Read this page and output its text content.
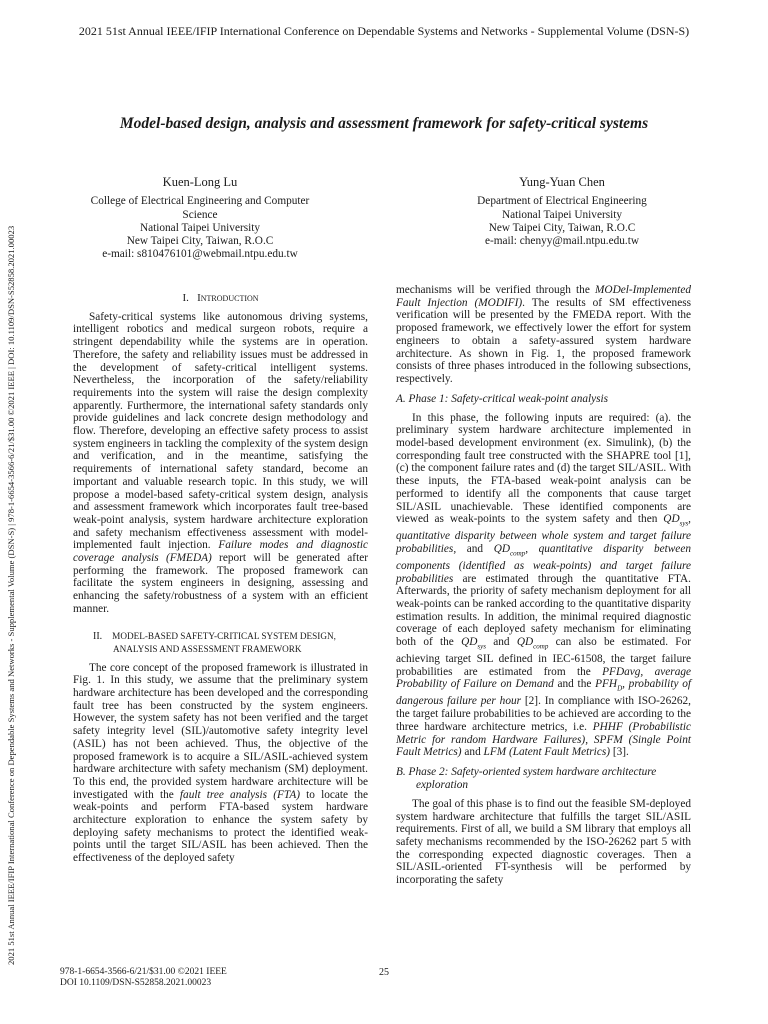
2021 51st Annual IEEE/IFIP International Conference on Dependable Systems and Networks - Supplemental Volume (DSN-S)
2021 51st Annual IEEE/IFIP International Conference on Dependable Systems and Networks - Supplemental Volume (DSN-S) | 978-1-6654-3566-6/21/$31.00 ©2021 IEEE | DOI: 10.1109/DSN-S52858.2021.00023
Model-based design, analysis and assessment framework for safety-critical systems
Kuen-Long Lu
College of Electrical Engineering and Computer
Science
National Taipei University
New Taipei City, Taiwan, R.O.C
e-mail: s810476101@webmail.ntpu.edu.tw
Yung-Yuan Chen
Department of Electrical Engineering
National Taipei University
New Taipei City, Taiwan, R.O.C
e-mail: chenyy@mail.ntpu.edu.tw
I. Introduction

Safety-critical systems like autonomous driving systems, intelligent robotics and medical surgeon robots, require a stringent dependability while the systems are in operation. Therefore, the safety and reliability issues must be addressed in the development of safety-critical intelligent systems. Nevertheless, the incorporation of the safety/reliability requirements into the system will raise the design complexity apparently. Furthermore, the international safety standards only provide guidelines and lack concrete design methodology and flow. Therefore, developing an effective safety process to assist system engineers in tackling the complexity of the system design and verification, and in the meantime, satisfying the requirements of international safety standard, become an important and valuable research topic. In this study, we will propose a model-based safety-critical system design, analysis and assessment framework which incorporates fault tree-based weak-point analysis, system hardware architecture exploration and safety mechanism effectiveness assessment with model-implemented fault injection. Failure modes and diagnostic coverage analysis (FMEDA) report will be generated after performing the framework. The proposed framework can facilitate the system engineers in designing, assessing and enhancing the safety/robustness of a system with an efficient manner.

II. MODEL-BASED SAFETY-CRITICAL SYSTEM DESIGN,
ANALYSIS AND ASSESSMENT FRAMEWORK

The core concept of the proposed framework is illustrated in Fig. 1. In this study, we assume that the preliminary system hardware architecture has been developed and the corresponding fault tree has been constructed by the system engineers. However, the system safety has not been verified and the target safety integrity level (SIL)/automotive safety integrity level (ASIL) has not been achieved. Thus, the objective of the proposed framework is to acquire a SIL/ASIL-achieved system hardware architecture with safety mechanism (SM) deployment. To this end, the provided system hardware architecture will be investigated with the fault tree analysis (FTA) to locate the weak-points and perform FTA-based system hardware architecture exploration to enhance the system safety by deploying safety mechanisms to protect the identified weak-points until the target SIL/ASIL has been achieved. Then the effectiveness of the deployed safety

mechanisms will be verified through the MODel-Implemented Fault Injection (MODIFI). The results of SM effectiveness verification will be presented by the FMEDA report. With the proposed framework, we effectively lower the effort for system engineers to obtain a safety-assured system hardware architecture. As shown in Fig. 1, the proposed framework consists of three phases introduced in the following subsections, respectively.

A. Phase 1: Safety-critical weak-point analysis

In this phase, the following inputs are required: (a). the preliminary system hardware architecture implemented in model-based development environment (ex. Simulink), (b) the corresponding fault tree constructed with the SHAPRE tool [1], (c) the component failure rates and (d) the target SIL/ASIL. With these inputs, the FTA-based weak-point analysis can be performed to identify all the components that cause target SIL/ASIL unachievable. These identified components are viewed as weak-points to the system safety and then $QD_{sys}$, quantitative disparity between whole system and target failure probabilities, and $QD_{comp}$, quantitative disparity between components (identified as weak-points) and target failure probabilities are estimated through the quantitative FTA. Afterwards, the priority of safety mechanism deployment for all weak-points can be ranked according to the quantitative disparity estimation results. In addition, the minimal required diagnostic coverage of each deployed safety mechanism for eliminating both of the $QD_{sys}$ and $QD_{comp}$ can also be estimated. For achieving target SIL defined in IEC-61508, the target failure probabilities are estimated from the PFDavg, average Probability of Failure on Demand and the $PFH_D$, probability of dangerous failure per hour [2]. In compliance with ISO-26262, the target failure probabilities to be achieved are according to the three hardware architecture metrics, i.e. PHHF (Probabilistic Metric for random Hardware Failures), SPFM (Single Point Fault Metrics) and LFM (Latent Fault Metrics) [3].

B. Phase 2: Safety-oriented system hardware architecture
exploration

The goal of this phase is to find out the feasible SM-deployed system hardware architecture that fulfills the target SIL/ASIL requirements. First of all, we build a SM library that employs all safety mechanisms recommended by the ISO-26262 part 5 with the corresponding expected diagnostic coverages. Then a SIL/ASIL-oriented FT-synthesis will be performed by incorporating the safety

978-1-6654-3566-6/21/$31.00 ©2021 IEEE
DOI 10.1109/DSN-S52858.2021.00023
25
